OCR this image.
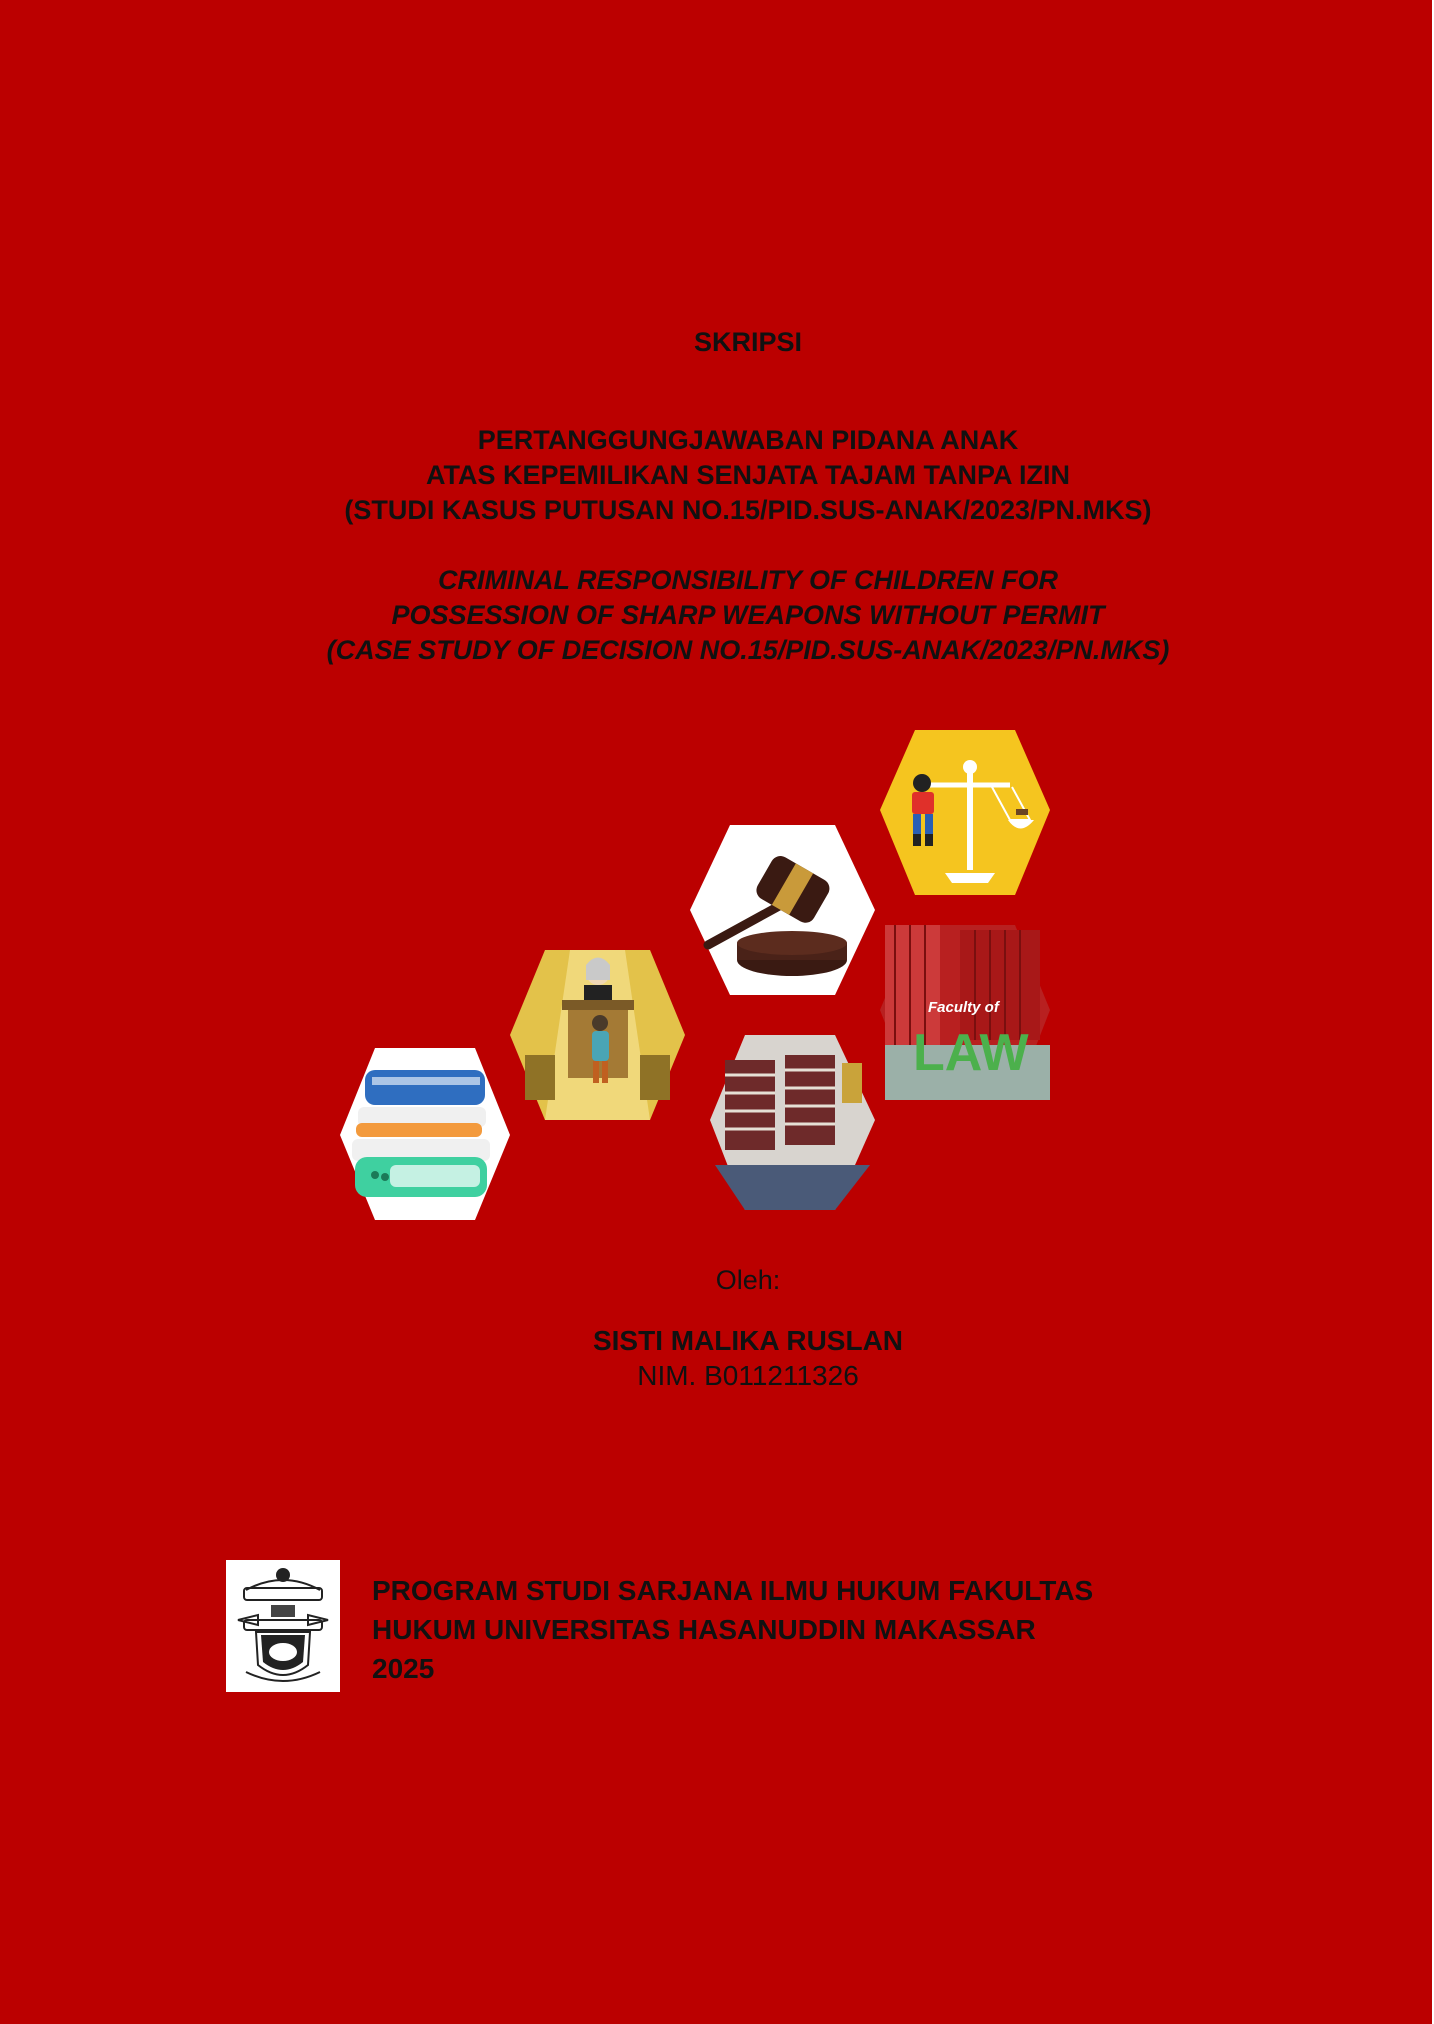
SKRIPSI
PERTANGGUNGJAWABAN PIDANA ANAK
ATAS KEPEMILIKAN SENJATA TAJAM TANPA IZIN
(STUDI KASUS PUTUSAN NO.15/PID.SUS-ANAK/2023/PN.MKS)
CRIMINAL RESPONSIBILITY OF CHILDREN FOR
POSSESSION OF SHARP WEAPONS WITHOUT PERMIT
(CASE STUDY OF DECISION NO.15/PID.SUS-ANAK/2023/PN.MKS)
Faculty of
LAW
Oleh:
SISTI MALIKA RUSLAN
NIM. B011211326
PROGRAM STUDI SARJANA ILMU HUKUM FAKULTAS
HUKUM UNIVERSITAS HASANUDDIN MAKASSAR
2025
